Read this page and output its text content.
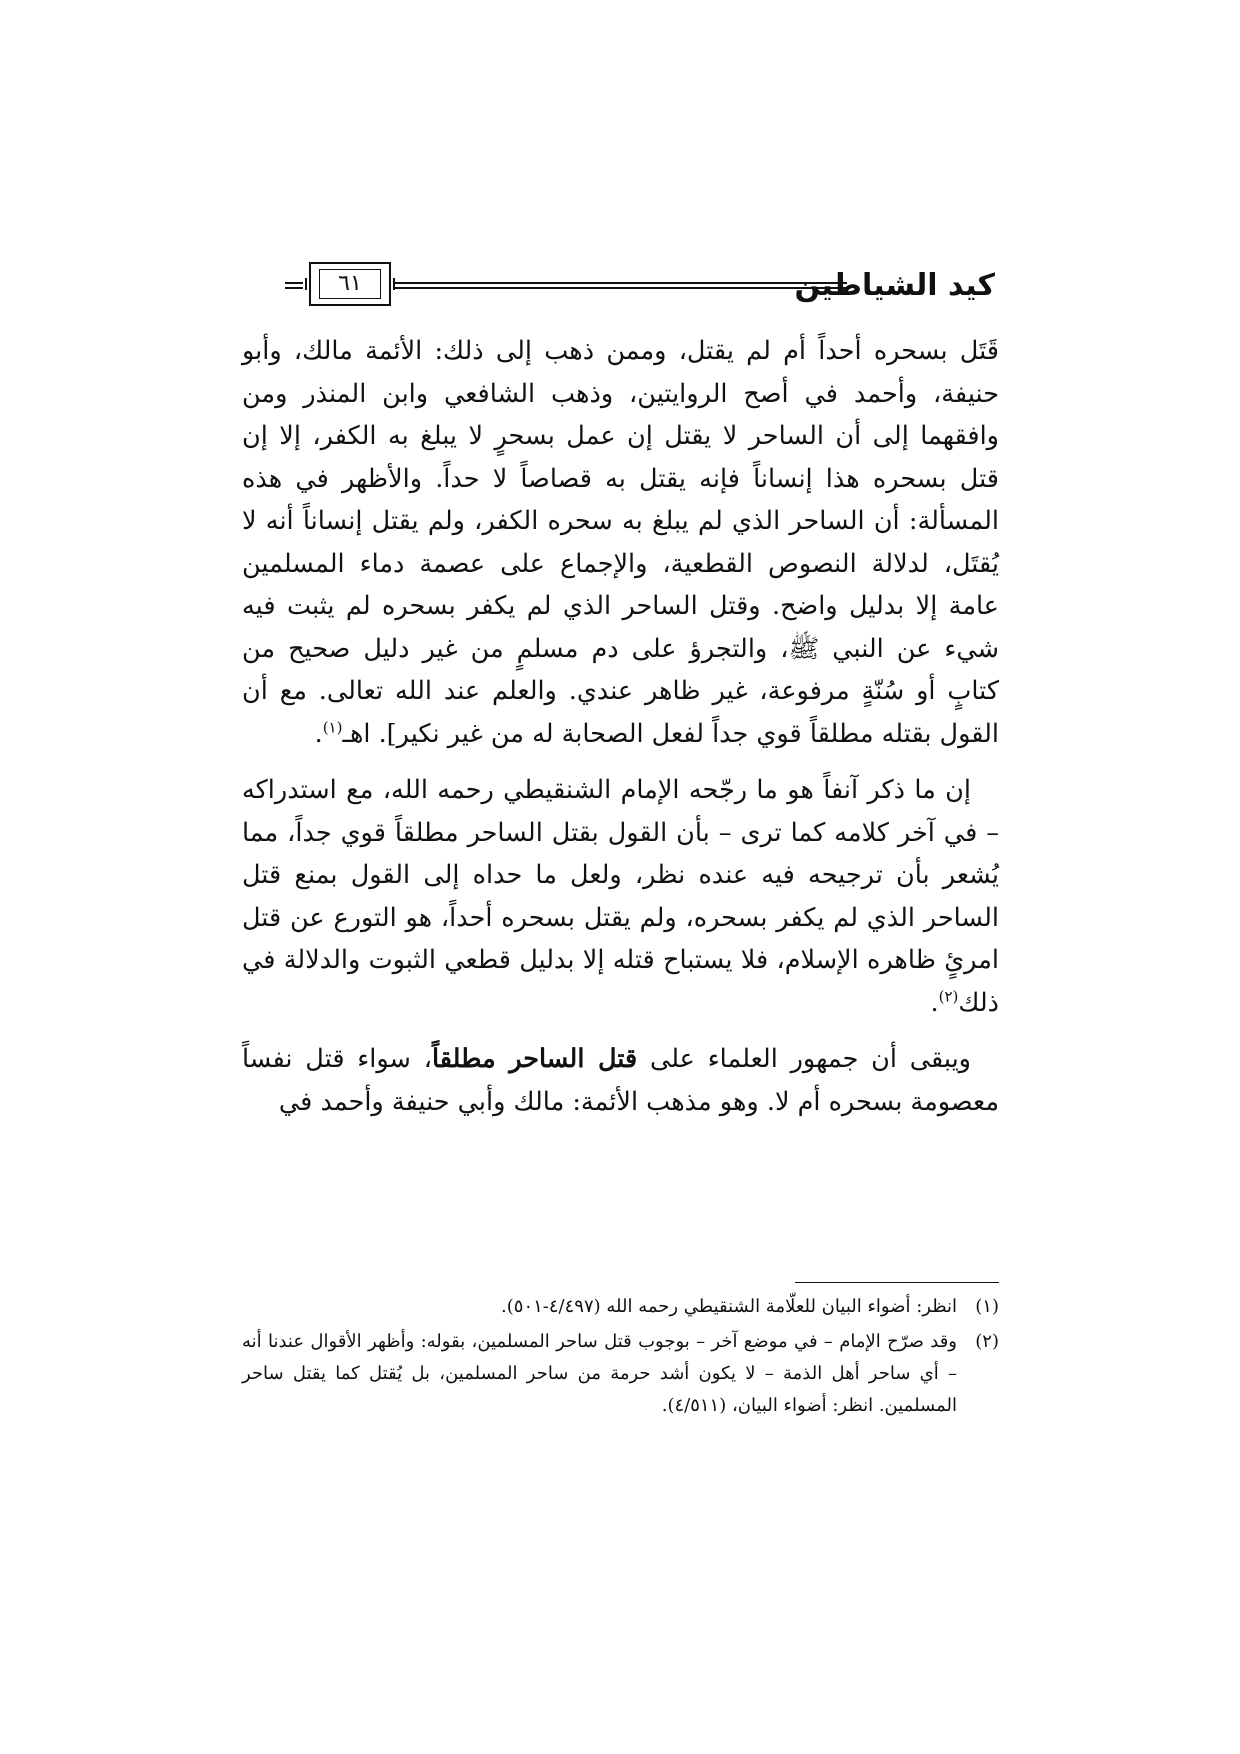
كيد الشياطين
٦١

قَتَل بسحره أحداً أم لم يقتل، وممن ذهب إلى ذلك: الأئمة مالك، وأبو حنيفة، وأحمد في أصح الروايتين، وذهب الشافعي وابن المنذر ومن وافقهما إلى أن الساحر لا يقتل إن عمل بسحرٍ لا يبلغ به الكفر، إلا إن قتل بسحره هذا إنساناً فإنه يقتل به قصاصاً لا حداً. والأظهر في هذه المسألة: أن الساحر الذي لم يبلغ به سحره الكفر، ولم يقتل إنساناً أنه لا يُقتَل، لدلالة النصوص القطعية، والإجماع على عصمة دماء المسلمين عامة إلا بدليل واضح. وقتل الساحر الذي لم يكفر بسحره لم يثبت فيه شيء عن النبي ﷺ، والتجرؤ على دم مسلمٍ من غير دليل صحيح من كتابٍ أو سُنّةٍ مرفوعة، غير ظاهر عندي. والعلم عند الله تعالى. مع أن القول بقتله مطلقاً قوي جداً لفعل الصحابة له من غير نكير]. اهـ$^{(١)}$.

إن ما ذكر آنفاً هو ما رجّحه الإمام الشنقيطي رحمه الله، مع استدراكه – في آخر كلامه كما ترى – بأن القول بقتل الساحر مطلقاً قوي جداً، مما يُشعر بأن ترجيحه فيه عنده نظر، ولعل ما حداه إلى القول بمنع قتل الساحر الذي لم يكفر بسحره، ولم يقتل بسحره أحداً، هو التورع عن قتل امرئٍ ظاهره الإسلام، فلا يستباح قتله إلا بدليل قطعي الثبوت والدلالة في ذلك$^{(٢)}$.

ويبقى أن جمهور العلماء على قتل الساحر مطلقاً، سواء قتل نفساً معصومة بسحره أم لا. وهو مذهب الأئمة: مالك وأبي حنيفة وأحمد في

(١)
انظر: أضواء البيان للعلّامة الشنقيطي رحمه الله (٤/٤٩٧-٥٠١).

(٢)
وقد صرّح الإمام – في موضع آخر – بوجوب قتل ساحر المسلمين، بقوله: وأظهر الأقوال عندنا أنه – أي ساحر أهل الذمة – لا يكون أشد حرمة من ساحر المسلمين، بل يُقتل كما يقتل ساحر المسلمين. انظر: أضواء البيان، (٤/٥١١).
